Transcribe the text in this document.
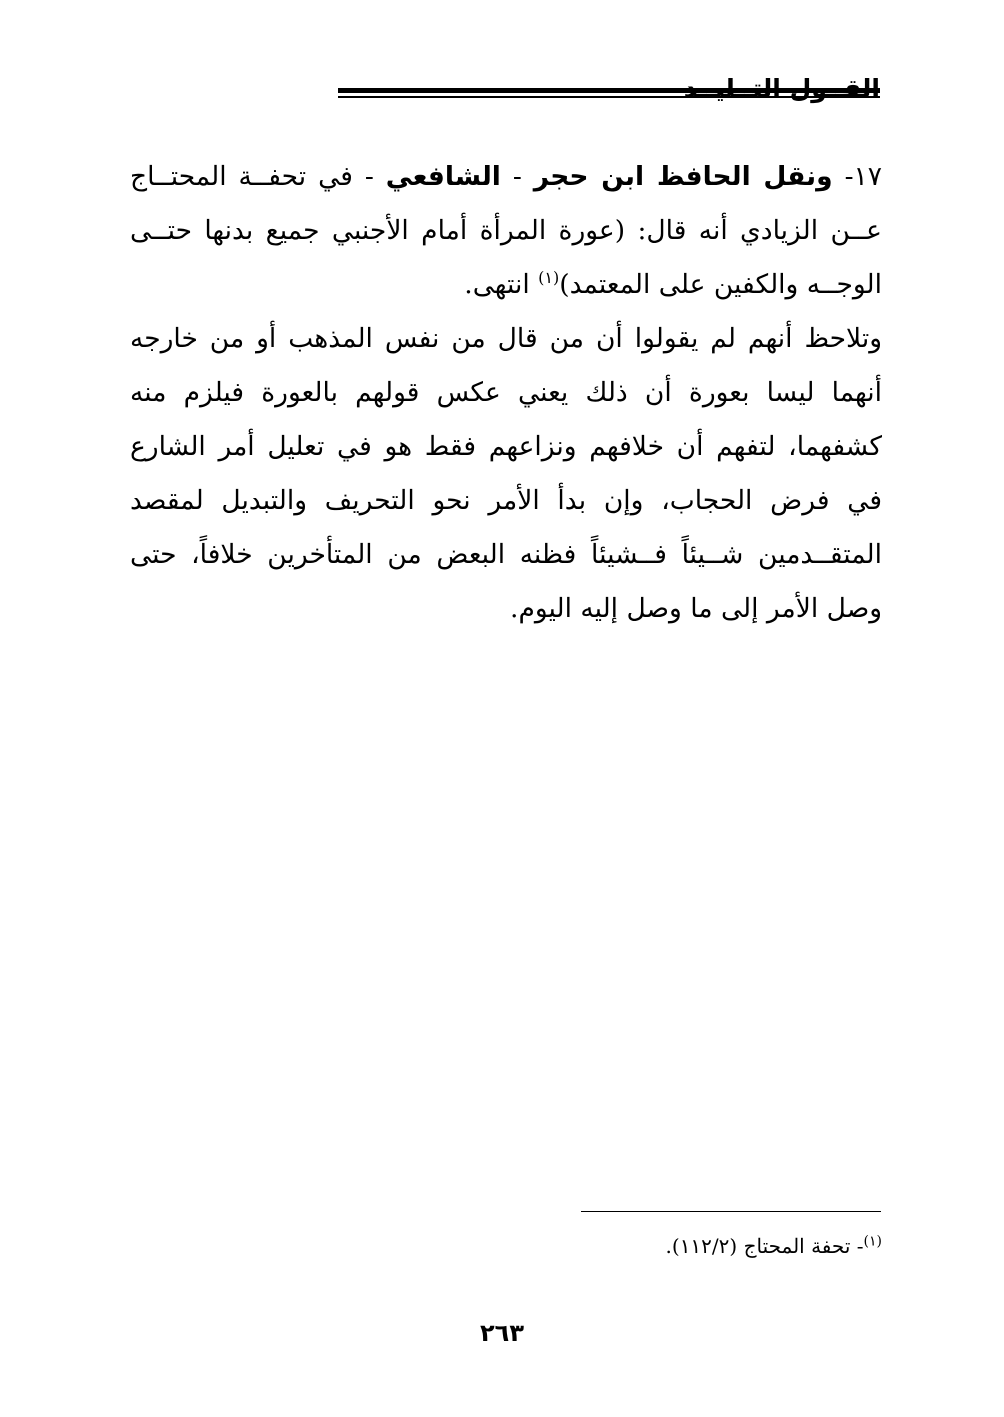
القــول التــليــد

١٧- ونقل الحافظ ابن حجر - الشافعي - في تحفــة المحتــاج عــن الزيادي أنه قال: (عورة المرأة أمام الأجنبي جميع بدنها حتــى الوجــه والكفين على المعتمد)$^{(١)}$ انتهى.

وتلاحظ أنهم لم يقولوا أن من قال من نفس المذهب أو من خارجه أنهما ليسا بعورة أن ذلك يعني عكس قولهم بالعورة فيلزم منه كشفهما، لتفهم أن خلافهم ونزاعهم فقط هو في تعليل أمر الشارع في فرض الحجاب، وإن بدأ الأمر نحو التحريف والتبديل لمقصد المتقــدمين شــيئاً فــشيئاً فظنه البعض من المتأخرين خلافاً، حتى وصل الأمر إلى ما وصل إليه اليوم.

$^{(١)}$- تحفة المحتاج (١١٢/٢).
٢٦٣
